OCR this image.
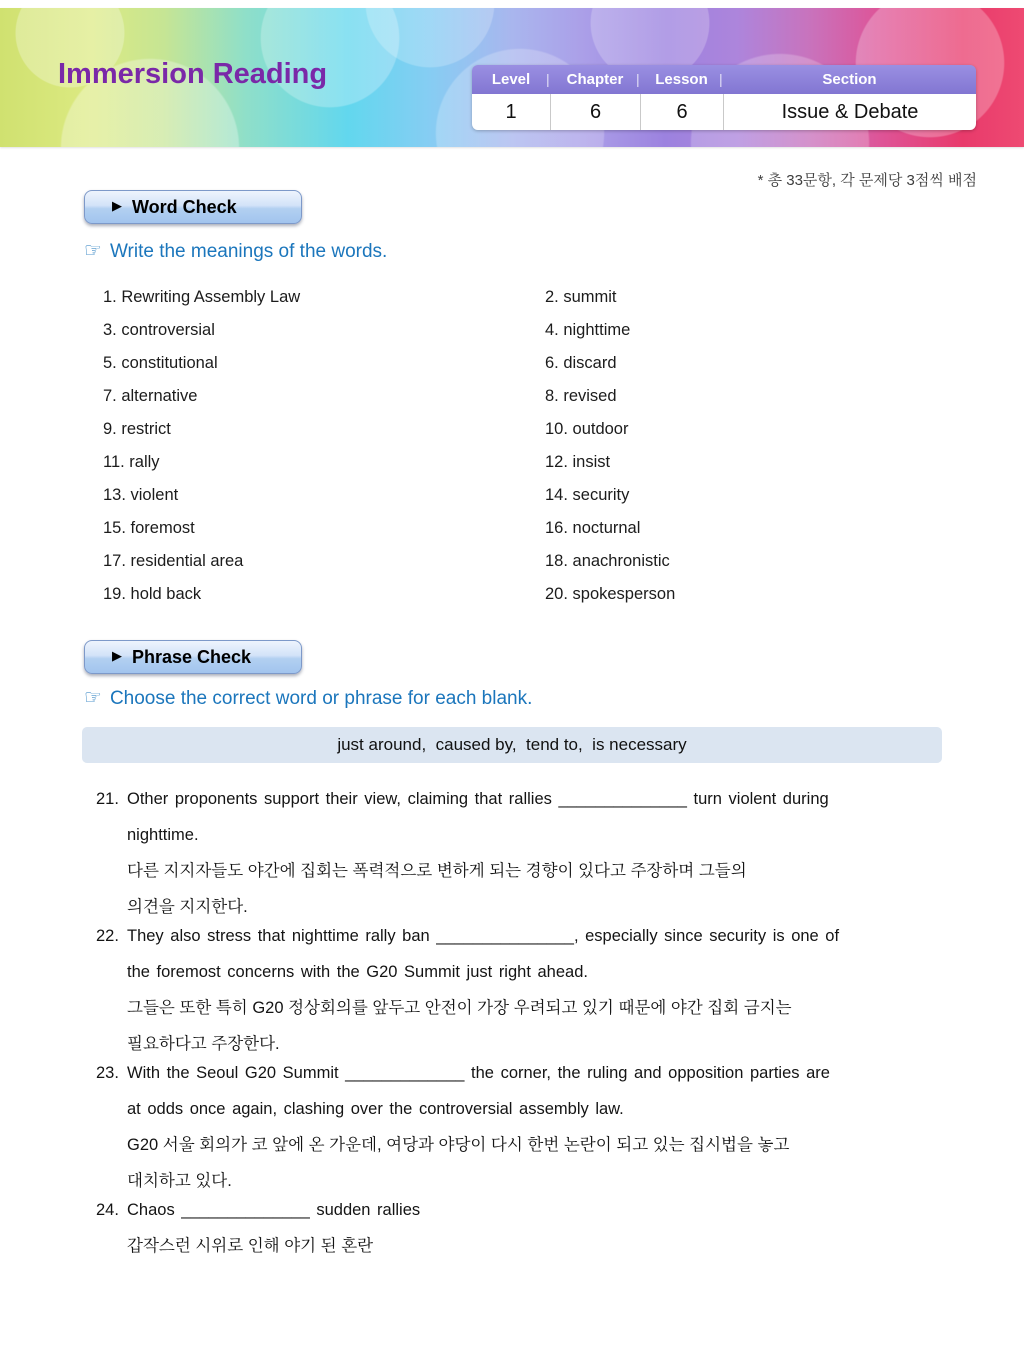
Immersion Reading	Level	Chapter	Lesson	Section
|	|	|
1	6	6	Issue & Debate
* 총 33문항, 각 문제당 3점씩 배점
▶ Word Check
☞ Write the meanings of the words.
1. Rewriting Assembly Law	2. summit
3. controversial	4. nighttime
5. constitutional	6. discard
7. alternative	8. revised
9. restrict	10. outdoor
11. rally	12. insist
13. violent	14. security
15. foremost	16. nocturnal
17. residential area	18. anachronistic
19. hold back	20. spokesperson
▶ Phrase Check
☞ Choose the correct word or phrase for each blank.
just around,  caused by,  tend to,  is necessary
21. Other proponents support their view, claiming that rallies ______________ turn violent during
nighttime.
다른 지지자들도 야간에 집회는 폭력적으로 변하게 되는 경향이 있다고 주장하며 그들의
의견을 지지한다.
22. They also stress that nighttime rally ban _______________, especially since security is one of
the foremost concerns with the G20 Summit just right ahead.
그들은 또한 특히 G20 정상회의를 앞두고 안전이 가장 우려되고 있기 때문에 야간 집회 금지는
필요하다고 주장한다.
23. With the Seoul G20 Summit _____________ the corner, the ruling and opposition parties are
at odds once again, clashing over the controversial assembly law.
G20 서울 회의가 코 앞에 온 가운데, 여당과 야당이 다시 한번 논란이 되고 있는 집시법을 놓고
대치하고 있다.
24. Chaos ______________ sudden rallies
갑작스런 시위로 인해 야기 된 혼란
